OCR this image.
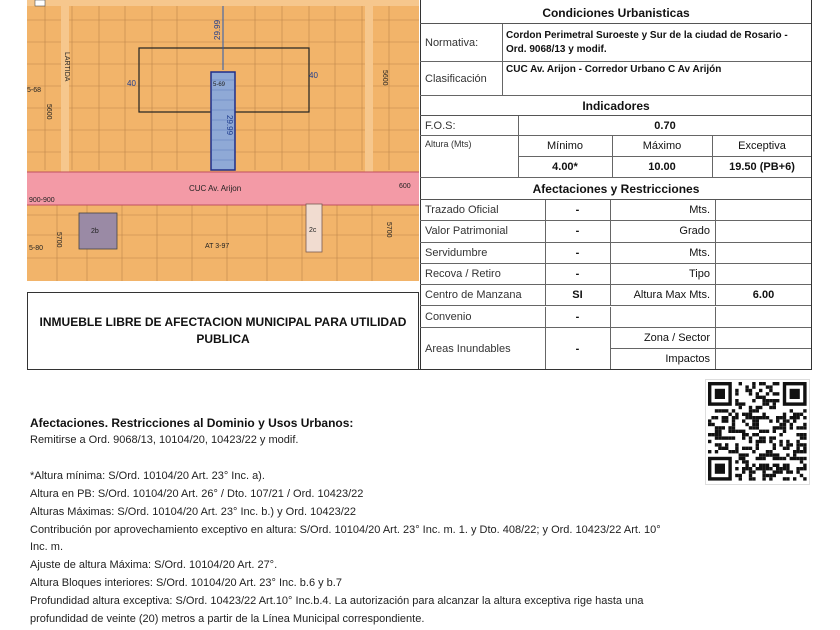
LARTIDA
40
40
29.99
29.99
5-69
CUC Av. Arijon
5-68
5600
5600
900-900
600
2b	2c
5700
5700
5-80	AT 3-97
INMUEBLE LIBRE DE AFECTACION MUNICIPAL PARA UTILIDAD PUBLICA
Condiciones Urbanisticas
Normativa:
Cordon Perimetral Suroeste y Sur de la ciudad de Rosario - Ord. 9068/13 y modif.
Clasificación
CUC Av. Arijon - Corredor Urbano C Av Arijón
Indicadores
F.O.S:	0.70
Altura (Mts)	Mínimo	Máximo	Exceptiva
4.00*	10.00	19.50 (PB+6)
Afectaciones y Restricciones
Trazado Oficial	-	Mts.
Valor Patrimonial	-	Grado
Servidumbre	-	Mts.
Recova / Retiro	-	Tipo
Centro de Manzana	SI	Altura Max Mts.	6.00
Convenio	-
Areas Inundables	-
Zona / Sector
Impactos
Afectaciones. Restricciones al Dominio y Usos Urbanos:
Remitirse a Ord. 9068/13, 10104/20, 10423/22 y modif.
*Altura mínima: S/Ord. 10104/20 Art. 23° Inc. a).
Altura en PB: S/Ord. 10104/20 Art. 26° / Dto. 107/21 / Ord. 10423/22
Alturas Máximas: S/Ord. 10104/20 Art. 23° Inc. b.) y Ord. 10423/22
Contribución por aprovechamiento exceptivo en altura: S/Ord. 10104/20 Art. 23° Inc. m. 1. y Dto. 408/22; y Ord. 10423/22 Art. 10°
Inc. m.
Ajuste de altura Máxima: S/Ord. 10104/20 Art. 27°.
Altura Bloques interiores: S/Ord. 10104/20 Art. 23° Inc. b.6 y b.7
Profundidad altura exceptiva: S/Ord. 10423/22 Art.10° Inc.b.4. La autorización para alcanzar la altura exceptiva rige hasta una
profundidad de veinte (20) metros a partir de la Línea Municipal correspondiente.
